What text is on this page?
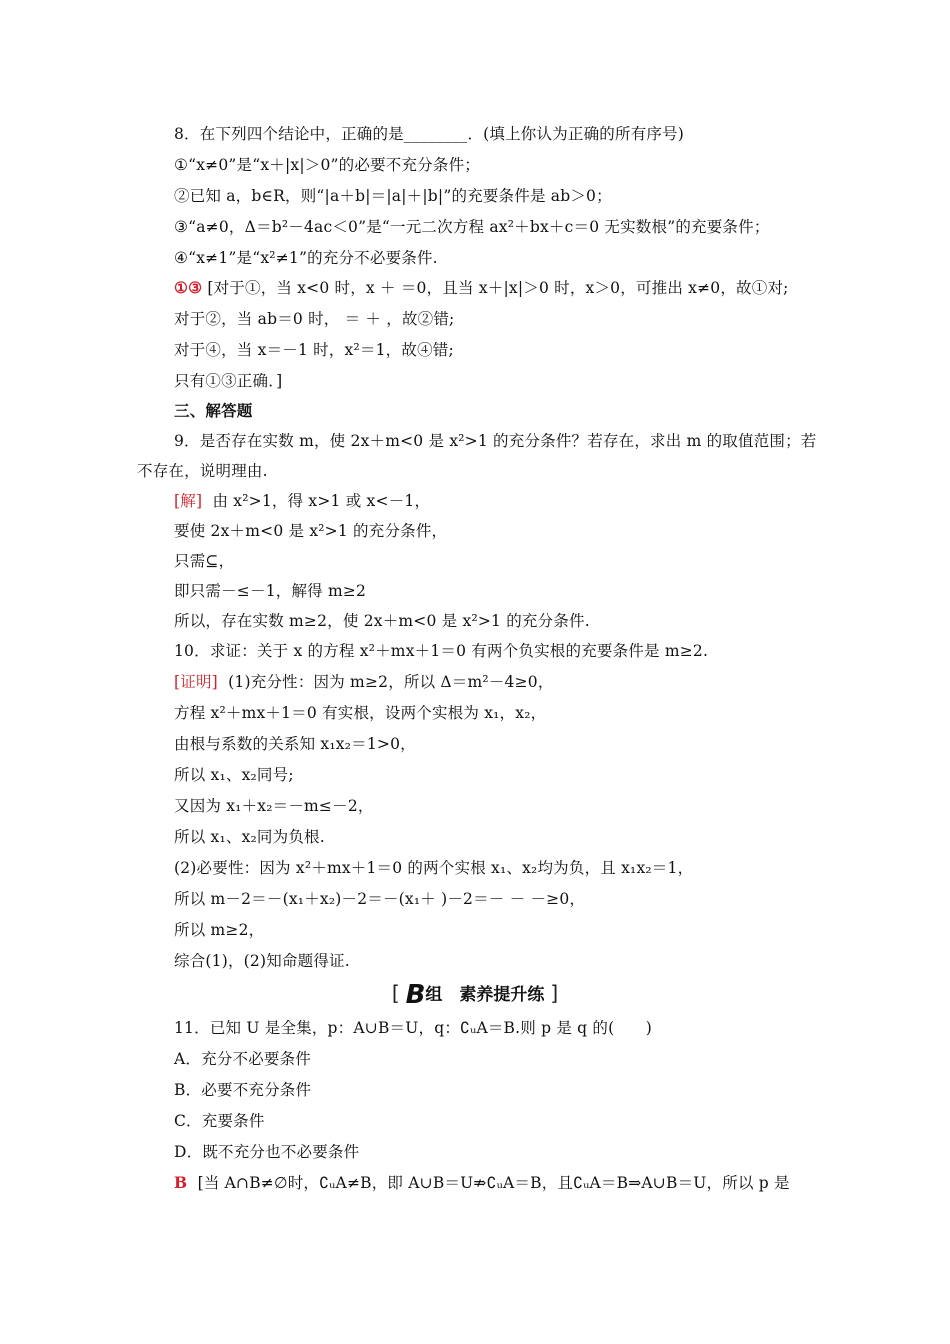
8．在下列四个结论中，正确的是________．(填上你认为正确的所有序号)
①“x≠0”是“x＋|x|＞0”的必要不充分条件；
②已知 a，b∈R，则“|a＋b|＝|a|＋|b|”的充要条件是 ab＞0；
③“a≠0，Δ＝b²－4ac＜0”是“一元二次方程 ax²＋bx＋c＝0 无实数根”的充要条件；
④“x≠1”是“x²≠1”的充分不必要条件.
①③ [对于①，当 x<0 时，x ＋ ＝0，且当 x＋|x|＞0 时，x＞0，可推出 x≠0，故①对;
对于②，当 ab＝0 时， ＝ ＋ ，故②错;
对于④，当 x＝－1 时，x²＝1，故④错;
只有①③正确．]
三、解答题
9．是否存在实数 m，使 2x＋m<0 是 x²>1 的充分条件？若存在，求出 m 的取值范围；若
不存在，说明理由.
[解]  由 x²>1，得 x>1 或 x<－1，
要使 2x＋m<0 是 x²>1 的充分条件，
只需⊆，
即只需－≤－1，解得 m≥2
所以，存在实数 m≥2，使 2x＋m<0 是 x²>1 的充分条件.
10．求证：关于 x 的方程 x²＋mx＋1＝0 有两个负实根的充要条件是 m≥2.
[证明]  (1)充分性：因为 m≥2，所以 Δ＝m²－4≥0，
方程 x²＋mx＋1＝0 有实根，设两个实根为 x₁，x₂，
由根与系数的关系知 x₁x₂＝1>0，
所以 x₁、x₂同号;
又因为 x₁＋x₂＝－m≤－2，
所以 x₁、x₂同为负根.
(2)必要性：因为 x²＋mx＋1＝0 的两个实根 x₁、x₂均为负，且 x₁x₂＝1，
所以 m－2＝－(x₁＋x₂)－2＝－(x₁＋ )－2＝－ － －≥0，
所以 m≥2，
综合(1)，(2)知命题得证.
[ B组　素养提升练 ]
11．已知 U 是全集，p：A∪B＝U，q：∁ᵤA＝B.则 p 是 q 的(　　)
A．充分不必要条件
B．必要不充分条件
C．充要条件
D．既不充分也不必要条件
B  [当 A∩B≠∅时，∁ᵤA≠B，即 A∪B＝U⇏∁ᵤA＝B，且∁ᵤA＝B⇒A∪B＝U，所以 p 是
